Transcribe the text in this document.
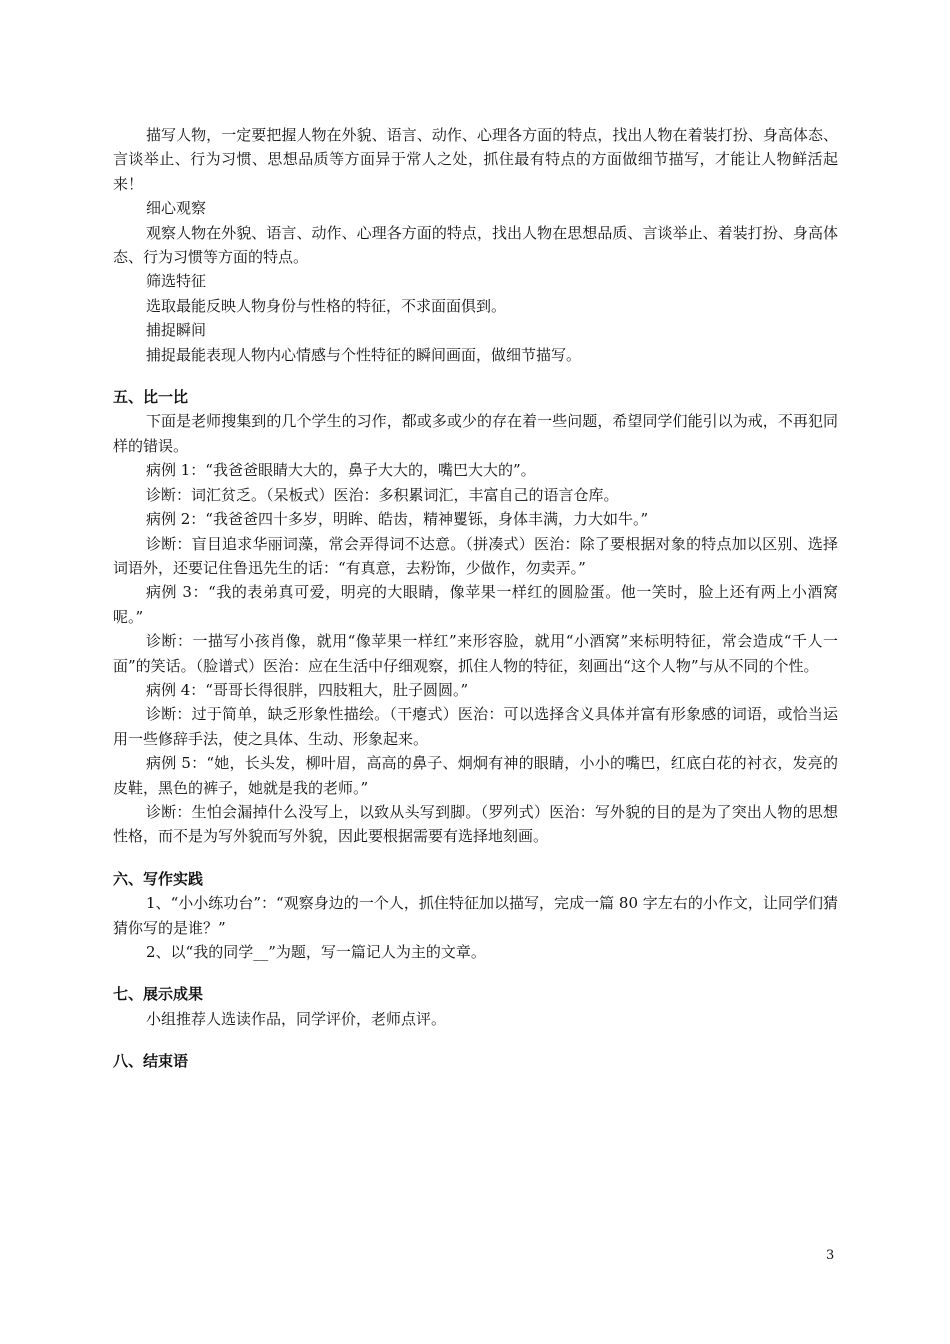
描写人物，一定要把握人物在外貌、语言、动作、心理各方面的特点，找出人物在着装打扮、身高体态、言谈举止、行为习惯、思想品质等方面异于常人之处，抓住最有特点的方面做细节描写，才能让人物鲜活起来！

细心观察

观察人物在外貌、语言、动作、心理各方面的特点，找出人物在思想品质、言谈举止、着装打扮、身高体态、行为习惯等方面的特点。

筛选特征

选取最能反映人物身份与性格的特征，不求面面俱到。

捕捉瞬间

捕捉最能表现人物内心情感与个性特征的瞬间画面，做细节描写。

五、比一比

下面是老师搜集到的几个学生的习作，都或多或少的存在着一些问题，希望同学们能引以为戒，不再犯同样的错误。

病例 1：“我爸爸眼睛大大的，鼻子大大的，嘴巴大大的”。

诊断：词汇贫乏。（呆板式）医治：多积累词汇，丰富自己的语言仓库。

病例 2：“我爸爸四十多岁，明眸、皓齿，精神矍铄，身体丰满，力大如牛。”

诊断：盲目追求华丽词藻，常会弄得词不达意。（拼凑式）医治：除了要根据对象的特点加以区别、选择词语外，还要记住鲁迅先生的话：“有真意，去粉饰，少做作，勿卖弄。”

病例 3：“我的表弟真可爱，明亮的大眼睛，像苹果一样红的圆脸蛋。他一笑时，脸上还有两上小酒窝呢。”

诊断：一描写小孩肖像，就用“像苹果一样红”来形容脸，就用“小酒窝”来标明特征，常会造成“千人一面”的笑话。（脸谱式）医治：应在生活中仔细观察，抓住人物的特征，刻画出“这个人物”与从不同的个性。

病例 4：“哥哥长得很胖，四肢粗大，肚子圆圆。”

诊断：过于简单，缺乏形象性描绘。（干瘪式）医治：可以选择含义具体并富有形象感的词语，或恰当运用一些修辞手法，使之具体、生动、形象起来。

病例 5：“她，长头发，柳叶眉，高高的鼻子、炯炯有神的眼睛，小小的嘴巴，红底白花的衬衣，发亮的皮鞋，黑色的裤子，她就是我的老师。”

诊断：生怕会漏掉什么没写上，以致从头写到脚。（罗列式）医治：写外貌的目的是为了突出人物的思想性格，而不是为写外貌而写外貌，因此要根据需要有选择地刻画。

六、写作实践

1、“小小练功台”：“观察身边的一个人，抓住特征加以描写，完成一篇 80 字左右的小作文，让同学们猜猜你写的是谁？”

2、以“我的同学__”为题，写一篇记人为主的文章。

七、展示成果

小组推荐人选读作品，同学评价，老师点评。

八、结束语

3
